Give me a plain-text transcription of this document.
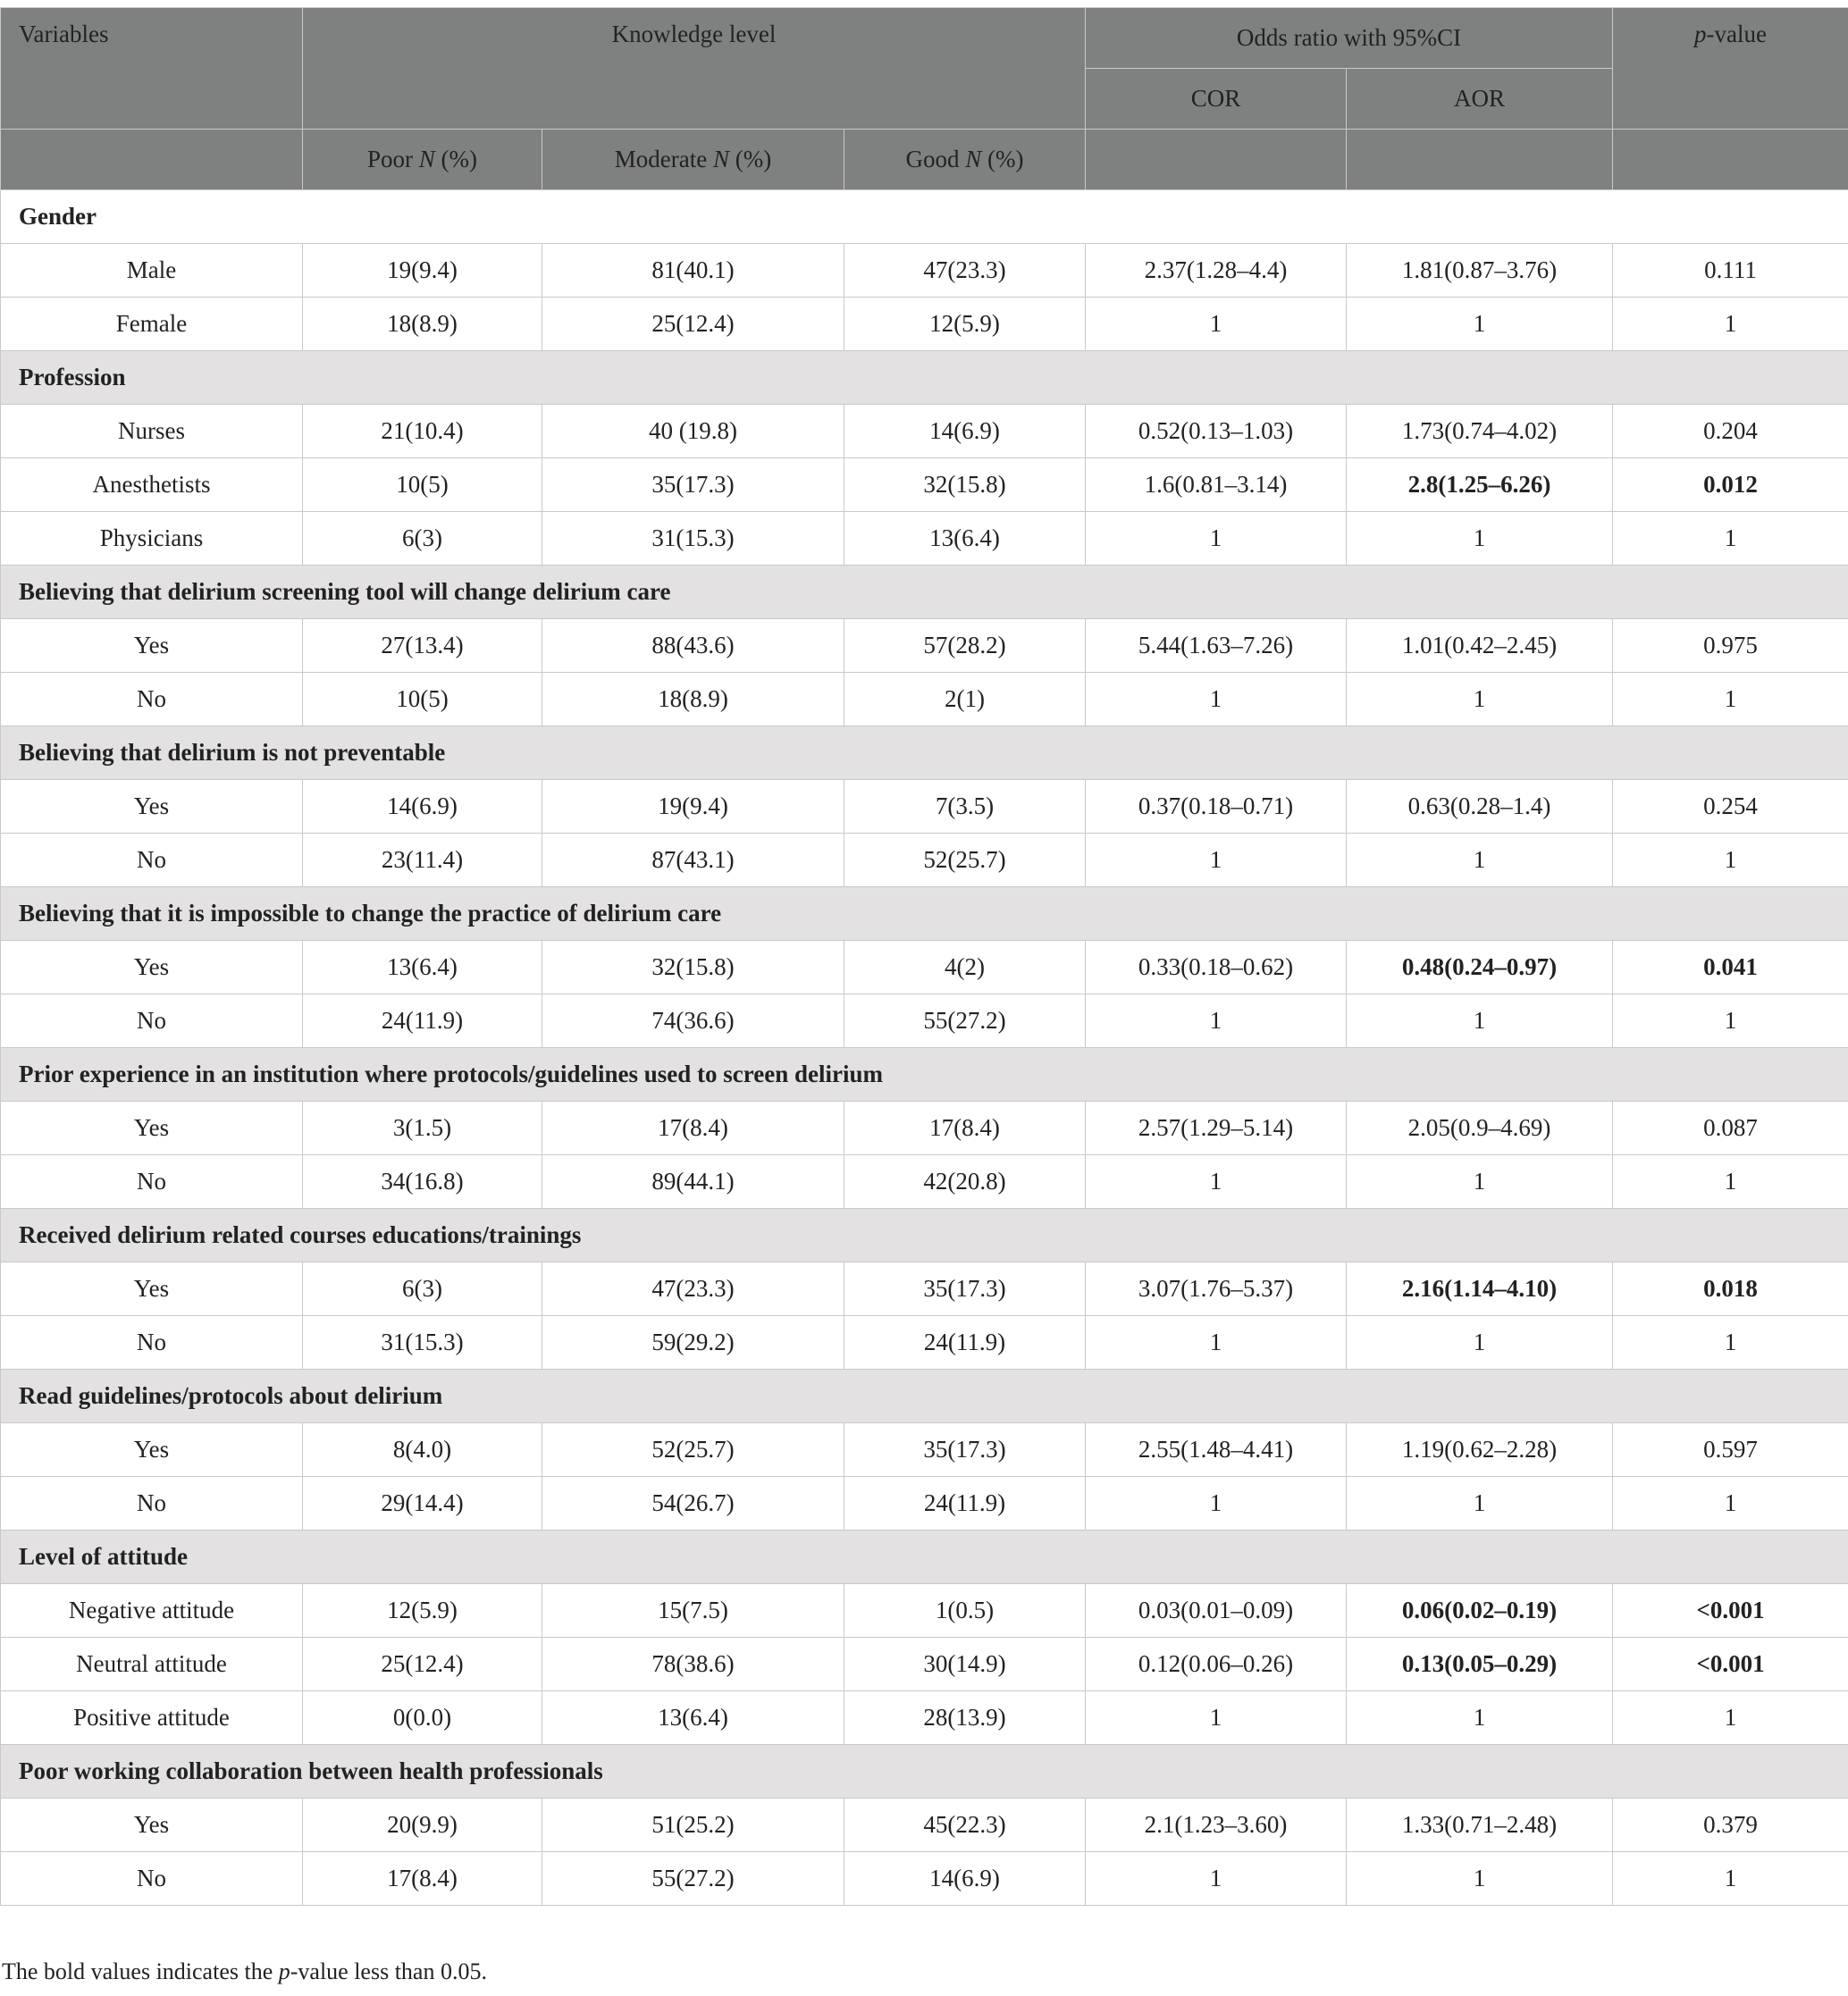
Variables	Knowledge level			Odds ratio with 95%CI		p-value
				COR	AOR	
	Poor N (%)	Moderate N (%)	Good N (%)			
Gender						
Male	19(9.4)	81(40.1)	47(23.3)	2.37(1.28–4.4)	1.81(0.87–3.76)	0.111
Female	18(8.9)	25(12.4)	12(5.9)	1	1	1
Profession						
Nurses	21(10.4)	40 (19.8)	14(6.9)	0.52(0.13–1.03)	1.73(0.74–4.02)	0.204
Anesthetists	10(5)	35(17.3)	32(15.8)	1.6(0.81–3.14)	2.8(1.25–6.26)	0.012
Physicians	6(3)	31(15.3)	13(6.4)	1	1	1
Believing that delirium screening tool will change delirium care						
Yes	27(13.4)	88(43.6)	57(28.2)	5.44(1.63–7.26)	1.01(0.42–2.45)	0.975
No	10(5)	18(8.9)	2(1)	1	1	1
Believing that delirium is not preventable						
Yes	14(6.9)	19(9.4)	7(3.5)	0.37(0.18–0.71)	0.63(0.28–1.4)	0.254
No	23(11.4)	87(43.1)	52(25.7)	1	1	1
Believing that it is impossible to change the practice of delirium care						
Yes	13(6.4)	32(15.8)	4(2)	0.33(0.18–0.62)	0.48(0.24–0.97)	0.041
No	24(11.9)	74(36.6)	55(27.2)	1	1	1
Prior experience in an institution where protocols/guidelines used to screen delirium						
Yes	3(1.5)	17(8.4)	17(8.4)	2.57(1.29–5.14)	2.05(0.9–4.69)	0.087
No	34(16.8)	89(44.1)	42(20.8)	1	1	1
Received delirium related courses educations/trainings						
Yes	6(3)	47(23.3)	35(17.3)	3.07(1.76–5.37)	2.16(1.14–4.10)	0.018
No	31(15.3)	59(29.2)	24(11.9)	1	1	1
Read guidelines/protocols about delirium						
Yes	8(4.0)	52(25.7)	35(17.3)	2.55(1.48–4.41)	1.19(0.62–2.28)	0.597
No	29(14.4)	54(26.7)	24(11.9)	1	1	1
Level of attitude						
Negative attitude	12(5.9)	15(7.5)	1(0.5)	0.03(0.01–0.09)	0.06(0.02–0.19)	<0.001
Neutral attitude	25(12.4)	78(38.6)	30(14.9)	0.12(0.06–0.26)	0.13(0.05–0.29)	<0.001
Positive attitude	0(0.0)	13(6.4)	28(13.9)	1	1	1
Poor working collaboration between health professionals						
Yes	20(9.9)	51(25.2)	45(22.3)	2.1(1.23–3.60)	1.33(0.71–2.48)	0.379
No	17(8.4)	55(27.2)	14(6.9)	1	1	1
The bold values indicates the p-value less than 0.05.
